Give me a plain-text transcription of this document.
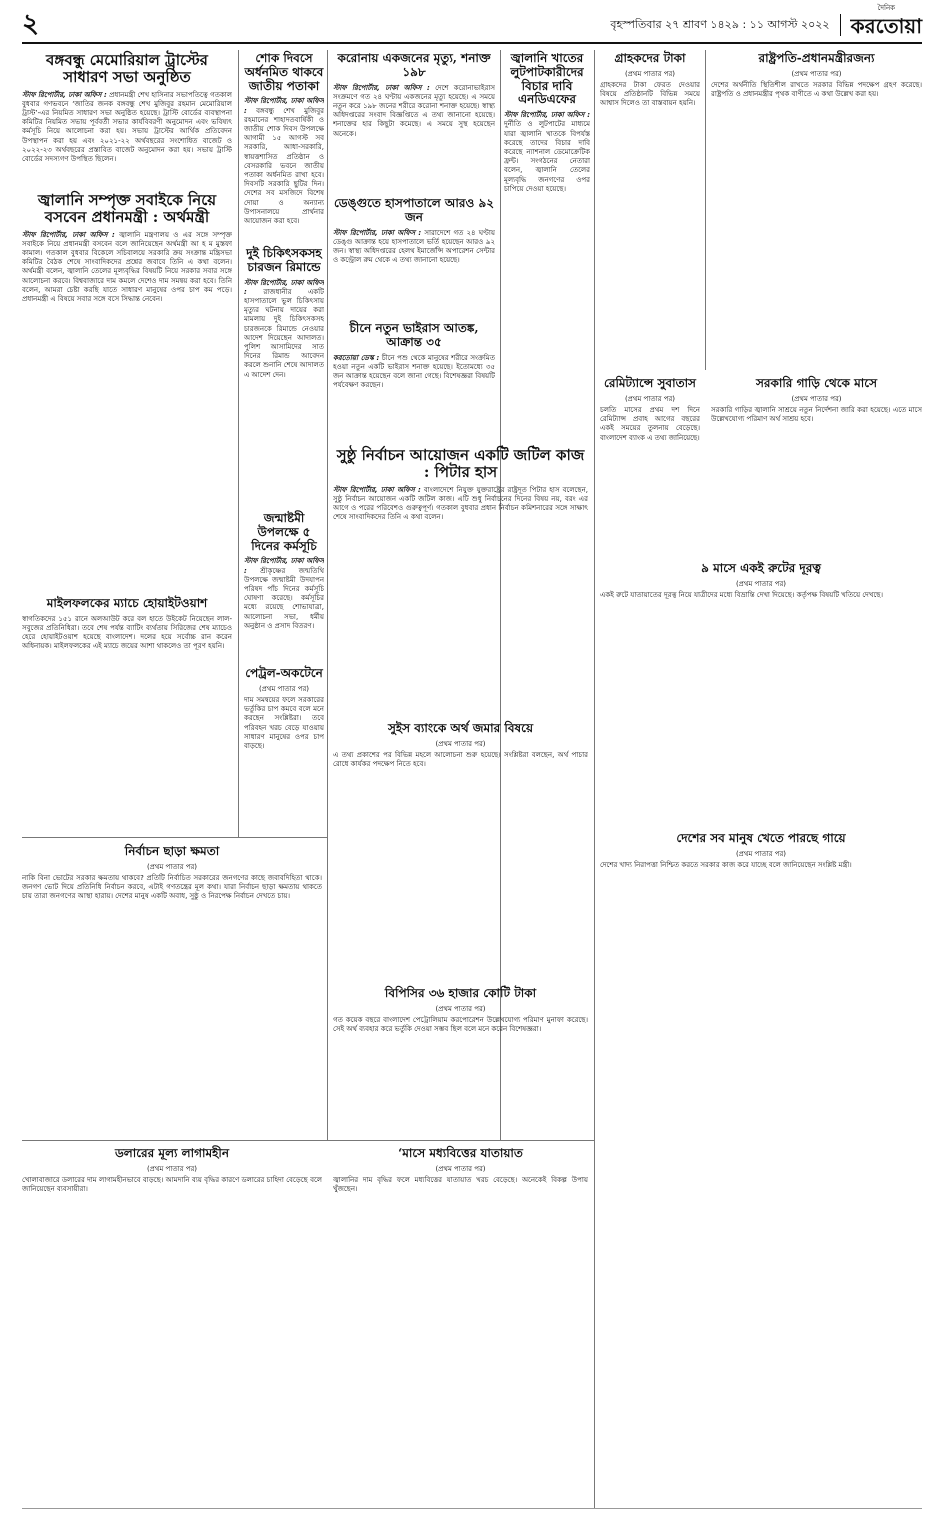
২	বৃহস্পতিবার ২৭ শ্রাবণ ১৪২৯ : ১১ আগস্ট ২০২২
দৈনিক
করতোয়া
বঙ্গবন্ধু মেমোরিয়াল ট্রাস্টের সাধারণ সভা অনুষ্ঠিত

স্টাফ রিপোর্টার, ঢাকা অফিস : প্রধানমন্ত্রী শেখ হাসিনার সভাপতিত্বে গতকাল বুধবার গণভবনে ‘জাতির জনক বঙ্গবন্ধু শেখ মুজিবুর রহমান মেমোরিয়াল ট্রাস্ট’-এর নিয়মিত সাধারণ সভা অনুষ্ঠিত হয়েছে। ট্রাস্টি বোর্ডের ব্যবস্থাপনা কমিটির নিয়মিত সভায় পূর্ববর্তী সভার কার্যবিবরণী অনুমোদন এবং ভবিষ্যৎ কর্মসূচি নিয়ে আলোচনা করা হয়। সভায় ট্রাস্টের আর্থিক প্রতিবেদন উপস্থাপন করা হয় এবং ২০২১-২২ অর্থবছরের সংশোধিত বাজেট ও ২০২২-২৩ অর্থবছরের প্রস্তাবিত বাজেট অনুমোদন করা হয়। সভায় ট্রাস্টি বোর্ডের সদস্যগণ উপস্থিত ছিলেন।

জ্বালানি সম্পৃক্ত সবাইকে নিয়ে বসবেন প্রধানমন্ত্রী : অর্থমন্ত্রী

স্টাফ রিপোর্টার, ঢাকা অফিস : জ্বালানি মন্ত্রণালয় ও এর সঙ্গে সম্পৃক্ত সবাইকে নিয়ে প্রধানমন্ত্রী বসবেন বলে জানিয়েছেন অর্থমন্ত্রী আ হ ম মুস্তফা কামাল। গতকাল বুধবার বিকেলে সচিবালয়ে সরকারি ক্রয় সংক্রান্ত মন্ত্রিসভা কমিটির বৈঠক শেষে সাংবাদিকদের প্রশ্নের জবাবে তিনি এ কথা বলেন। অর্থমন্ত্রী বলেন, জ্বালানি তেলের মূল্যবৃদ্ধির বিষয়টি নিয়ে সরকার সবার সঙ্গে আলোচনা করবে। বিশ্ববাজারে দাম কমলে দেশেও দাম সমন্বয় করা হবে। তিনি বলেন, আমরা চেষ্টা করছি যাতে সাধারণ মানুষের ওপর চাপ কম পড়ে। প্রধানমন্ত্রী এ বিষয়ে সবার সঙ্গে বসে সিদ্ধান্ত নেবেন।

মাইলফলকের ম্যাচে হোয়াইটওয়াশ

স্বাগতিকদের ১৫১ রানে অলআউট করে বল হাতে উইকেট নিয়েছেন লাল-সবুজের প্রতিনিধিরা। তবে শেষ পর্যন্ত ব্যাটিং ব্যর্থতায় সিরিজের শেষ ম্যাচেও হেরে হোয়াইটওয়াশ হয়েছে বাংলাদেশ। দলের হয়ে সর্বোচ্চ রান করেন অধিনায়ক। মাইলফলকের এই ম্যাচে জয়ের আশা থাকলেও তা পূরণ হয়নি।

নির্বাচন ছাড়া ক্ষমতা
(প্রথম পাতার পর)

নাকি বিনা ভোটের সরকার ক্ষমতায় থাকবে? প্রতিটি নির্বাচিত সরকারের জনগণের কাছে জবাবদিহিতা থাকে। জনগণ ভোট দিয়ে প্রতিনিধি নির্বাচন করবে, এটাই গণতন্ত্রের মূল কথা। যারা নির্বাচন ছাড়া ক্ষমতায় থাকতে চায় তারা জনগণের আস্থা হারায়। দেশের মানুষ একটি অবাধ, সুষ্ঠু ও নিরপেক্ষ নির্বাচন দেখতে চায়।

শোক দিবসে অর্ধনমিত থাকবে জাতীয় পতাকা

স্টাফ রিপোর্টার, ঢাকা অফিস : বঙ্গবন্ধু শেখ মুজিবুর রহমানের শাহাদতবার্ষিকী ও জাতীয় শোক দিবস উপলক্ষে আগামী ১৫ আগস্ট সব সরকারি, আধা-সরকারি, স্বায়ত্তশাসিত প্রতিষ্ঠান ও বেসরকারি ভবনে জাতীয় পতাকা অর্ধনমিত রাখা হবে। দিবসটি সরকারি ছুটির দিন। দেশের সব মসজিদে বিশেষ দোয়া ও অন্যান্য উপাসনালয়ে প্রার্থনার আয়োজন করা হবে।

দুই চিকিৎসকসহ চারজন রিমান্ডে

স্টাফ রিপোর্টার, ঢাকা অফিস : রাজধানীর একটি হাসপাতালে ভুল চিকিৎসায় মৃত্যুর ঘটনায় দায়ের করা মামলায় দুই চিকিৎসকসহ চারজনকে রিমান্ডে নেওয়ার আদেশ দিয়েছেন আদালত। পুলিশ আসামিদের সাত দিনের রিমান্ড আবেদন করলে শুনানি শেষে আদালত এ আদেশ দেন।

জন্মাষ্টমী উপলক্ষে ৫ দিনের কর্মসূচি

স্টাফ রিপোর্টার, ঢাকা অফিস : শ্রীকৃষ্ণের জন্মতিথি উপলক্ষে জন্মাষ্টমী উদযাপন পরিষদ পাঁচ দিনের কর্মসূচি ঘোষণা করেছে। কর্মসূচির মধ্যে রয়েছে শোভাযাত্রা, আলোচনা সভা, ধর্মীয় অনুষ্ঠান ও প্রসাদ বিতরণ।

পেট্রল-অকটেনে
(প্রথম পাতার পর)

দাম সমন্বয়ের ফলে সরকারের ভর্তুকির চাপ কমবে বলে মনে করছেন সংশ্লিষ্টরা। তবে পরিবহন খরচ বেড়ে যাওয়ায় সাধারণ মানুষের ওপর চাপ বাড়ছে।

করোনায় একজনের মৃত্যু, শনাক্ত ১৯৮

স্টাফ রিপোর্টার, ঢাকা অফিস : দেশে করোনাভাইরাস সংক্রমণে গত ২৪ ঘণ্টায় একজনের মৃত্যু হয়েছে। এ সময়ে নতুন করে ১৯৮ জনের শরীরে করোনা শনাক্ত হয়েছে। স্বাস্থ্য অধিদপ্তরের সংবাদ বিজ্ঞপ্তিতে এ তথ্য জানানো হয়েছে। শনাক্তের হার কিছুটা কমেছে। এ সময়ে সুস্থ হয়েছেন অনেকে।

ডেঙ্গুতে হাসপাতালে আরও ৯২ জন

স্টাফ রিপোর্টার, ঢাকা অফিস : সারাদেশে গত ২৪ ঘণ্টায় ডেঙ্গু আক্রান্ত হয়ে হাসপাতালে ভর্তি হয়েছেন আরও ৯২ জন। স্বাস্থ্য অধিদপ্তরের হেলথ ইমার্জেন্সি অপারেশন সেন্টার ও কন্ট্রোল রুম থেকে এ তথ্য জানানো হয়েছে।

চীনে নতুন ভাইরাস আতঙ্ক, আক্রান্ত ৩৫

করতোয়া ডেস্ক : চীনে পশু থেকে মানুষের শরীরে সংক্রমিত হওয়া নতুন একটি ভাইরাস শনাক্ত হয়েছে। ইতোমধ্যে ৩৫ জন আক্রান্ত হয়েছেন বলে জানা গেছে। বিশেষজ্ঞরা বিষয়টি পর্যবেক্ষণ করছেন।

সুষ্ঠু নির্বাচন আয়োজন একটি জটিল কাজ : পিটার হাস

স্টাফ রিপোর্টার, ঢাকা অফিস : বাংলাদেশে নিযুক্ত যুক্তরাষ্ট্রের রাষ্ট্রদূত পিটার হাস বলেছেন, সুষ্ঠু নির্বাচন আয়োজন একটি জটিল কাজ। এটি শুধু নির্বাচনের দিনের বিষয় নয়, বরং এর আগে ও পরের পরিবেশও গুরুত্বপূর্ণ। গতকাল বুধবার প্রধান নির্বাচন কমিশনারের সঙ্গে সাক্ষাৎ শেষে সাংবাদিকদের তিনি এ কথা বলেন।

সুইস ব্যাংকে অর্থ জমার বিষয়ে
(প্রথম পাতার পর)

এ তথ্য প্রকাশের পর বিভিন্ন মহলে আলোচনা শুরু হয়েছে। সংশ্লিষ্টরা বলছেন, অর্থ পাচার রোধে কার্যকর পদক্ষেপ নিতে হবে।

বিপিসির ৩৬ হাজার কোটি টাকা
(প্রথম পাতার পর)

গত কয়েক বছরে বাংলাদেশ পেট্রোলিয়াম করপোরেশন উল্লেখযোগ্য পরিমাণ মুনাফা করেছে। সেই অর্থ ব্যবহার করে ভর্তুকি দেওয়া সম্ভব ছিল বলে মনে করেন বিশেষজ্ঞরা।

জ্বালানি খাতের লুটপাটকারীদের বিচার দাবি এনডিএফের

স্টাফ রিপোর্টার, ঢাকা অফিস : দুর্নীতি ও লুটপাটের মাধ্যমে যারা জ্বালানি খাতকে বিপর্যস্ত করেছে তাদের বিচার দাবি করেছে ন্যাশনাল ডেমোক্রেটিক ফ্রন্ট। সংগঠনের নেতারা বলেন, জ্বালানি তেলের মূল্যবৃদ্ধি জনগণের ওপর চাপিয়ে দেওয়া হয়েছে।

গ্রাহকদের টাকা
(প্রথম পাতার পর)

গ্রাহকদের টাকা ফেরত দেওয়ার বিষয়ে প্রতিষ্ঠানটি বিভিন্ন সময়ে আশ্বাস দিলেও তা বাস্তবায়ন হয়নি।

রেমিট্যান্সে সুবাতাস
(প্রথম পাতার পর)

চলতি মাসের প্রথম দশ দিনে রেমিট্যান্স প্রবাহ আগের বছরের একই সময়ের তুলনায় বেড়েছে। বাংলাদেশ ব্যাংক এ তথ্য জানিয়েছে।

রাষ্ট্রপতি-প্রধানমন্ত্রীরজন্য
(প্রথম পাতার পর)

দেশের অর্থনীতি স্থিতিশীল রাখতে সরকার বিভিন্ন পদক্ষেপ গ্রহণ করেছে। রাষ্ট্রপতি ও প্রধানমন্ত্রীর পৃথক বাণীতে এ কথা উল্লেখ করা হয়।

সরকারি গাড়ি থেকে মাসে
(প্রথম পাতার পর)

সরকারি গাড়ির জ্বালানি সাশ্রয়ে নতুন নির্দেশনা জারি করা হয়েছে। এতে মাসে উল্লেখযোগ্য পরিমাণ অর্থ সাশ্রয় হবে।

৯ মাসে একই রুটের দূরত্ব
(প্রথম পাতার পর)

একই রুটে যাতায়াতের দূরত্ব নিয়ে যাত্রীদের মধ্যে বিভ্রান্তি দেখা দিয়েছে। কর্তৃপক্ষ বিষয়টি খতিয়ে দেখছে।

দেশের সব মানুষ খেতে পারছে গায়ে
(প্রথম পাতার পর)

দেশের খাদ্য নিরাপত্তা নিশ্চিত করতে সরকার কাজ করে যাচ্ছে বলে জানিয়েছেন সংশ্লিষ্ট মন্ত্রী।

ডলারের মূল্য লাগামহীন
(প্রথম পাতার পর)

খোলাবাজারে ডলারের দাম লাগামহীনভাবে বাড়ছে। আমদানি ব্যয় বৃদ্ধির কারণে ডলারের চাহিদা বেড়েছে বলে জানিয়েছেন ব্যবসায়ীরা।

‘মাসে মধ্যবিত্তের যাতায়াত
(প্রথম পাতার পর)

জ্বালানির দাম বৃদ্ধির ফলে মধ্যবিত্তের যাতায়াত খরচ বেড়েছে। অনেকেই বিকল্প উপায় খুঁজছেন।
